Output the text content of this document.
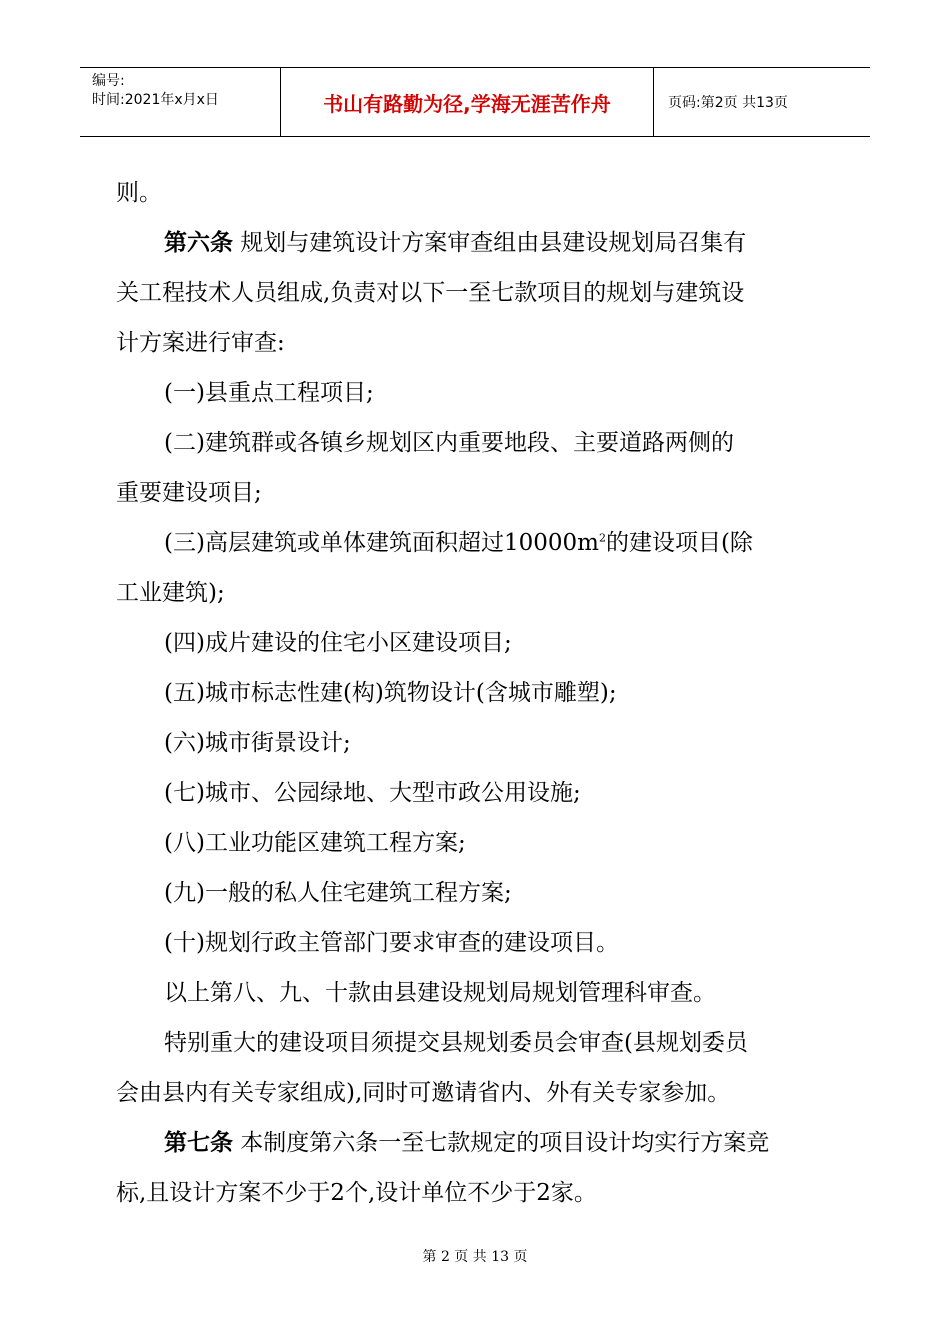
编号:
时间:2021年x月x日	书山有路勤为径,学海无涯苦作舟	页码:第2页 共13页
则。
第六条 规划与建筑设计方案审查组由县建设规划局召集有
关工程技术人员组成,负责对以下一至七款项目的规划与建筑设
计方案进行审查:
(一)县重点工程项目;
(二)建筑群或各镇乡规划区内重要地段、主要道路两侧的
重要建设项目;
(三)高层建筑或单体建筑面积超过$10000m^2$的建设项目(除
工业建筑);
(四)成片建设的住宅小区建设项目;
(五)城市标志性建(构)筑物设计(含城市雕塑);
(六)城市街景设计;
(七)城市、公园绿地、大型市政公用设施;
(八)工业功能区建筑工程方案;
(九)一般的私人住宅建筑工程方案;
(十)规划行政主管部门要求审查的建设项目。
以上第八、九、十款由县建设规划局规划管理科审查。
特别重大的建设项目须提交县规划委员会审查(县规划委员
会由县内有关专家组成),同时可邀请省内、外有关专家参加。
第七条 本制度第六条一至七款规定的项目设计均实行方案竞
标,且设计方案不少于2个,设计单位不少于2家。
第 2 页 共 13 页
